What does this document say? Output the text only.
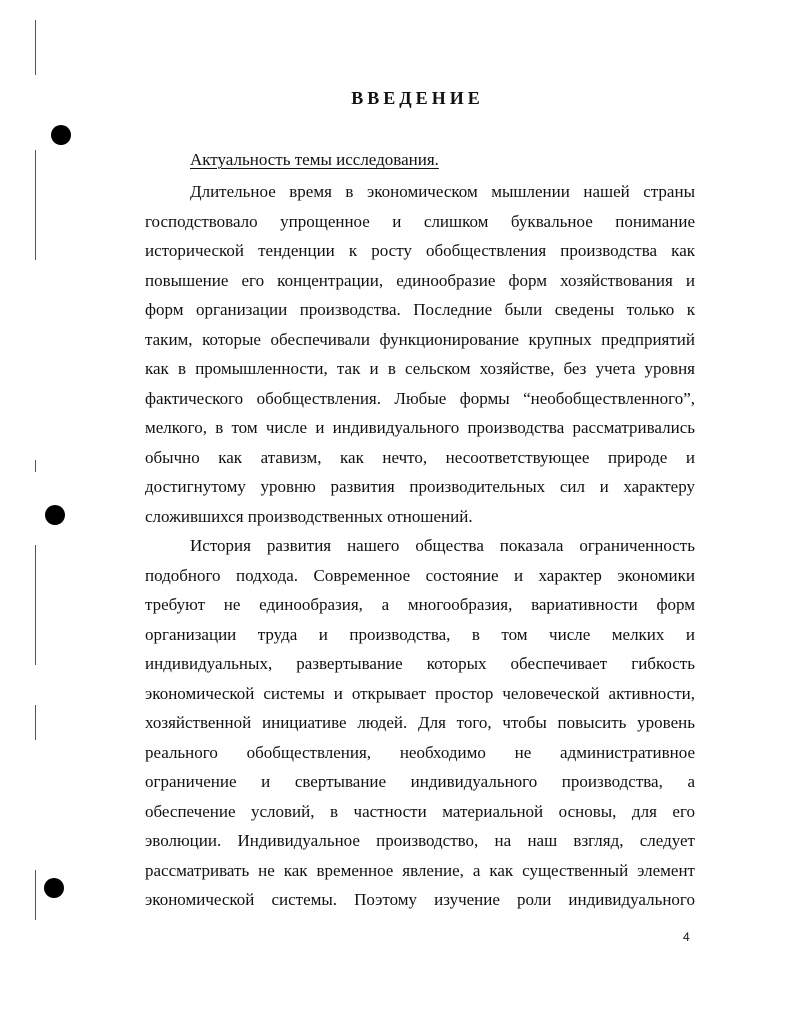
ВВЕДЕНИЕ
Актуальность темы исследования.
Длительное время в экономическом мышлении нашей страны
господствовало упрощенное и слишком буквальное понимание
исторической тенденции к росту обобществления производства как
повышение его концентрации, единообразие форм хозяйствования и
форм организации производства. Последние были сведены только к
таким, которые обеспечивали функционирование крупных предприятий
как в промышленности, так и в сельском хозяйстве, без учета уровня
фактического обобществления. Любые формы “необобществленного”,
мелкого, в том числе и индивидуального производства рассматривались
обычно как атавизм, как нечто, несоответствующее природе и
достигнутому уровню развития производительных сил и характеру
сложившихся производственных отношений.
История развития нашего общества показала ограниченность
подобного подхода. Современное состояние и характер экономики
требуют не единообразия, а многообразия, вариативности форм
организации труда и производства, в том числе мелких и
индивидуальных, развертывание которых обеспечивает гибкость
экономической системы и открывает простор человеческой активности,
хозяйственной инициативе людей. Для того, чтобы повысить уровень
реального обобществления, необходимо не административное
ограничение и свертывание индивидуального производства, а
обеспечение условий, в частности материальной основы, для его
эволюции. Индивидуальное производство, на наш взгляд, следует
рассматривать не как временное явление, а как существенный элемент
экономической системы. Поэтому изучение роли индивидуального
4
